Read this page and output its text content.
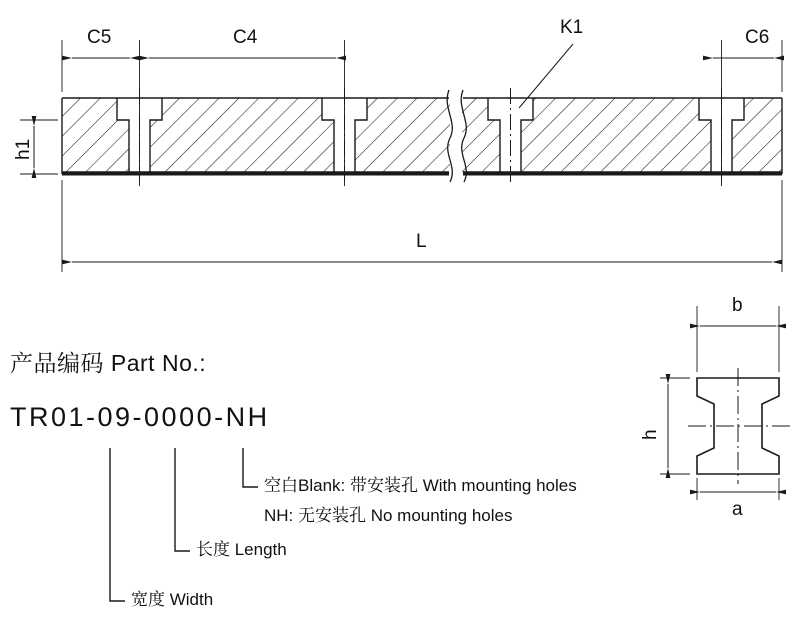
C5	C4	C6
K1
h1
L
b
a
h
产品编码 Part No.:
TR01-09-0000-NH
空白Blank: 带安装孔 With mounting holes
NH: 无安装孔 No mounting holes
长度 Length
宽度 Width
